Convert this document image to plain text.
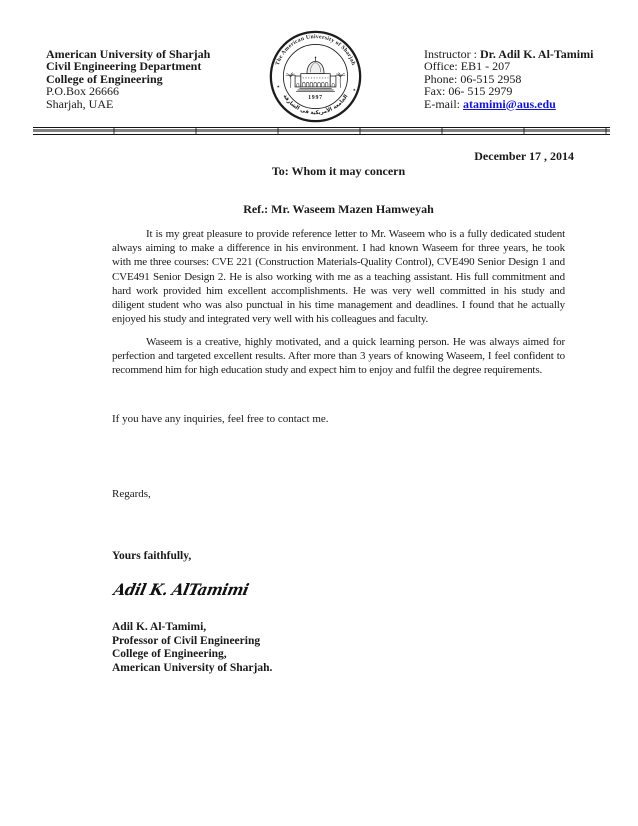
American University of Sharjah
Civil Engineering Department
College of Engineering
P.O.Box 26666
Sharjah, UAE
The American University of Sharjah
الجامعة الأمريكية في الشارقة
✶
✶
1997
Instructor : Dr. Adil K. Al-Tamimi
Office: EB1 - 207
Phone: 06-515 2958
Fax: 06- 515 2979
E-mail: atamimi@aus.edu
December 17 , 2014
To: Whom it may concern
Ref.: Mr. Waseem Mazen Hamweyah
It is my great pleasure to provide reference letter to Mr. Waseem who is a fully dedicated student always aiming to make a difference in his environment. I had known Waseem for three years, he took with me three courses: CVE 221 (Construction Materials-Quality Control), CVE490 Senior Design 1 and CVE491 Senior Design 2. He is also working with me as a teaching assistant. His full commitment and hard work provided him excellent accomplishments. He was very well committed in his study and diligent student who was also punctual in his time management and deadlines. I found that he actually enjoyed his study and integrated very well with his colleagues and faculty.
Waseem is a creative, highly motivated, and a quick learning person. He was always aimed for perfection and targeted excellent results. After more than 3 years of knowing Waseem, I feel confident to recommend him for high education study and expect him to enjoy and fulfil the degree requirements.
If you have any inquiries, feel free to contact me.
Regards,
Yours faithfully,
Adil K. AlTamimi
Adil K. Al-Tamimi,
Professor of Civil Engineering
College of Engineering,
American University of Sharjah.
